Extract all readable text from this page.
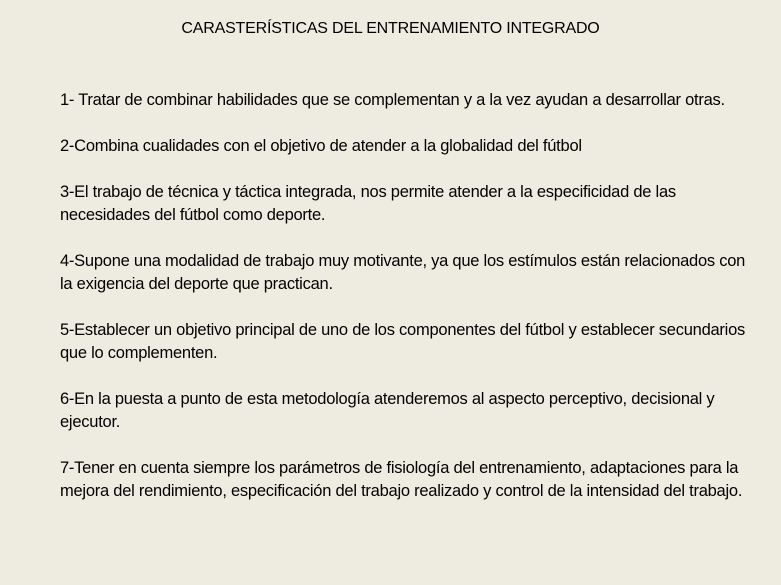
CARASTERÍSTICAS DEL ENTRENAMIENTO INTEGRADO

1- Tratar de combinar habilidades que se complementan y a la vez ayudan a desarrollar otras.

2-Combina cualidades con el objetivo de atender a la globalidad del fútbol

3-El trabajo de técnica y táctica integrada, nos permite atender a la especificidad de las necesidades del fútbol como deporte.

4-Supone una modalidad de trabajo muy motivante, ya que los estímulos están relacionados con la exigencia del deporte que practican.

5-Establecer un objetivo principal de uno de los componentes del fútbol y establecer secundarios que lo complementen.

6-En la puesta a punto de esta metodología atenderemos al aspecto perceptivo, decisional y ejecutor.

7-Tener en cuenta siempre los parámetros de fisiología del entrenamiento, adaptaciones para la mejora del rendimiento, especificación del trabajo realizado y control de la intensidad del trabajo.
